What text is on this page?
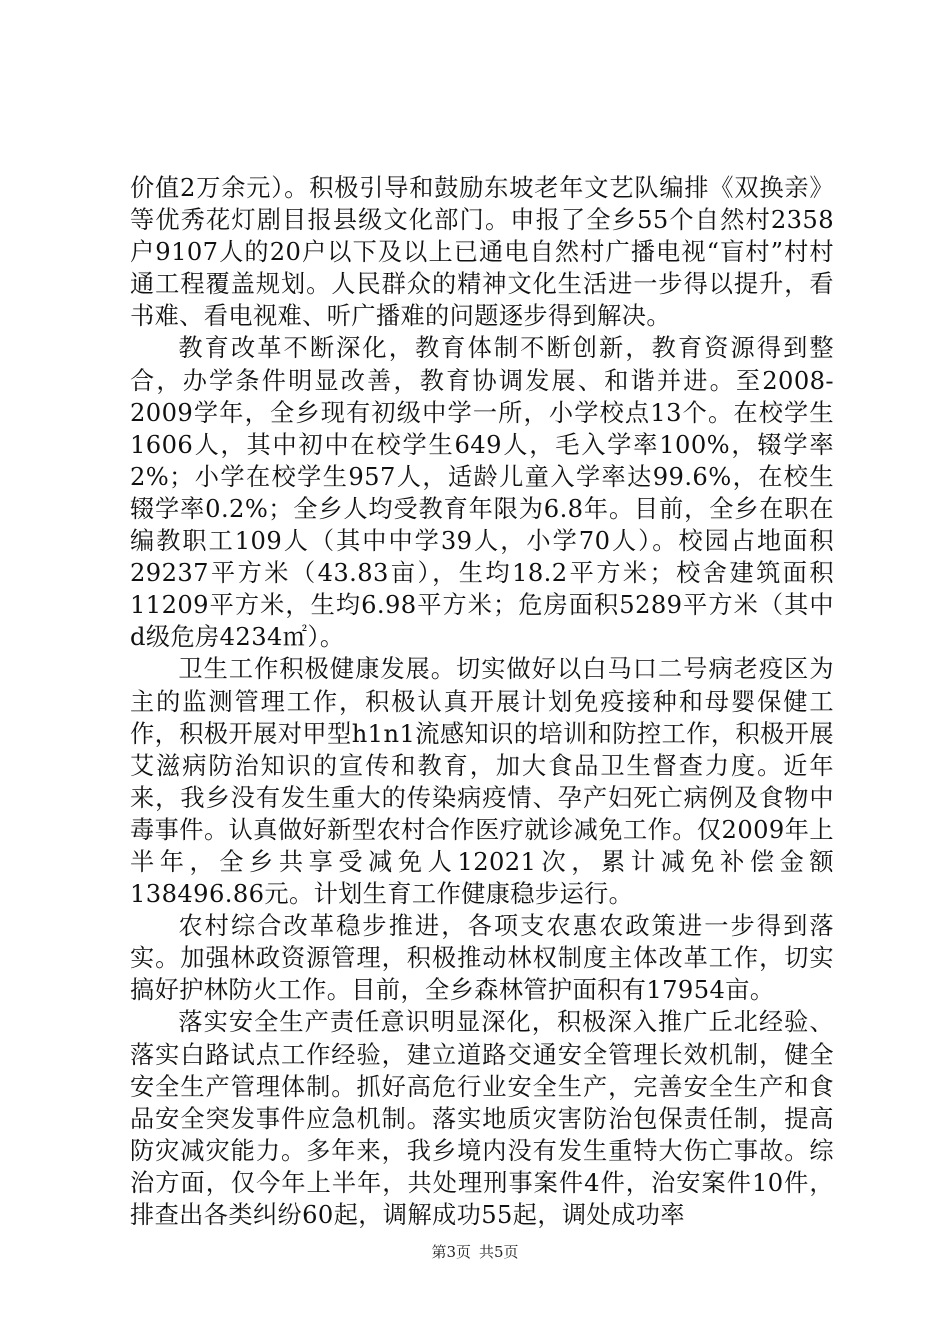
价值2万余元）。积极引导和鼓励东坡老年文艺队编排《双换亲》等优秀花灯剧目报县级文化部门。申报了全乡55个自然村2358户9107人的20户以下及以上已通电自然村广播电视“盲村”村村通工程覆盖规划。人民群众的精神文化生活进一步得以提升，看书难、看电视难、听广播难的问题逐步得到解决。

教育改革不断深化，教育体制不断创新，教育资源得到整合，办学条件明显改善，教育协调发展、和谐并进。至2008-2009学年，全乡现有初级中学一所，小学校点13个。在校学生1606人，其中初中在校学生649人，毛入学率100%，辍学率2%；小学在校学生957人，适龄儿童入学率达99.6%，在校生辍学率0.2%；全乡人均受教育年限为6.8年。目前，全乡在职在编教职工109人（其中中学39人，小学70人）。校园占地面积29237平方米（43.83亩），生均18.2平方米；校舍建筑面积11209平方米，生均6.98平方米；危房面积5289平方米（其中d级危房4234㎡）。

卫生工作积极健康发展。切实做好以白马口二号病老疫区为主的监测管理工作，积极认真开展计划免疫接种和母婴保健工作，积极开展对甲型h1n1流感知识的培训和防控工作，积极开展艾滋病防治知识的宣传和教育，加大食品卫生督查力度。近年来，我乡没有发生重大的传染病疫情、孕产妇死亡病例及食物中毒事件。认真做好新型农村合作医疗就诊减免工作。仅2009年上半年，全乡共享受减免人12021次，累计减免补偿金额138496.86元。计划生育工作健康稳步运行。

农村综合改革稳步推进，各项支农惠农政策进一步得到落实。加强林政资源管理，积极推动林权制度主体改革工作，切实搞好护林防火工作。目前，全乡森林管护面积有17954亩。

落实安全生产责任意识明显深化，积极深入推广丘北经验、落实白路试点工作经验，建立道路交通安全管理长效机制，健全安全生产管理体制。抓好高危行业安全生产，完善安全生产和食品安全突发事件应急机制。落实地质灾害防治包保责任制，提高防灾减灾能力。多年来，我乡境内没有发生重特大伤亡事故。综治方面，仅今年上半年，共处理刑事案件4件，治安案件10件，排查出各类纠纷60起，调解成功55起，调处成功率

第3页 共5页
